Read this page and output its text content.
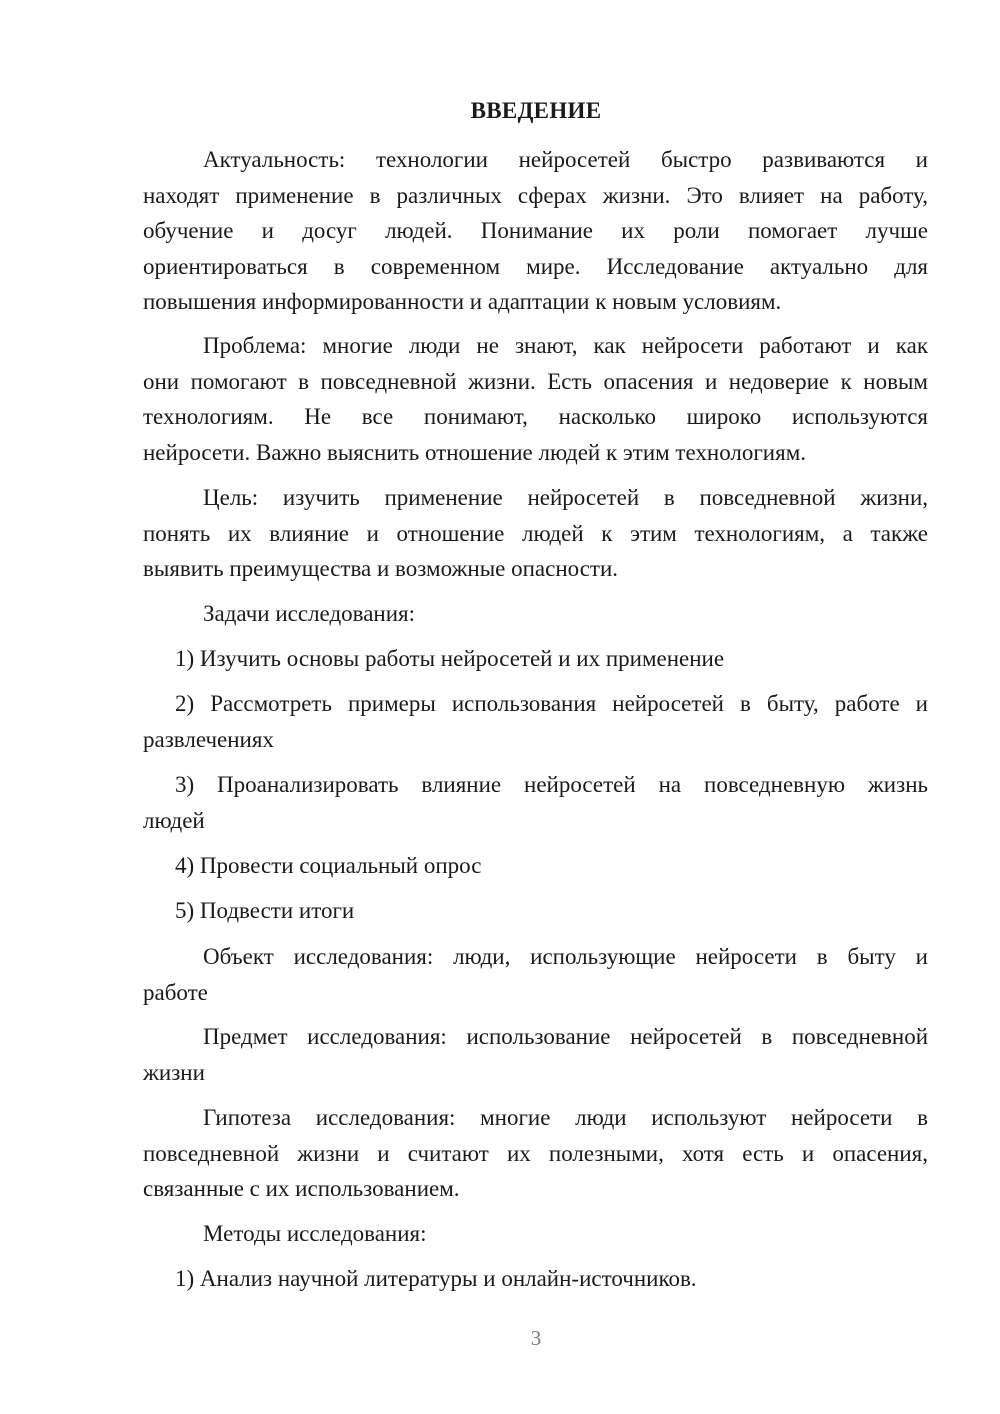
ВВЕДЕНИЕ

Актуальность: технологии нейросетей быстро развиваются и
находят применение в различных сферах жизни. Это влияет на работу,
обучение и досуг людей. Понимание их роли помогает лучше
ориентироваться в современном мире. Исследование актуально для
повышения информированности и адаптации к новым условиям.

Проблема: многие люди не знают, как нейросети работают и как
они помогают в повседневной жизни. Есть опасения и недоверие к новым
технологиям. Не все понимают, насколько широко используются
нейросети. Важно выяснить отношение людей к этим технологиям.

Цель: изучить применение нейросетей в повседневной жизни,
понять их влияние и отношение людей к этим технологиям, а также
выявить преимущества и возможные опасности.

Задачи исследования:

1) Изучить основы работы нейросетей и их применение

2) Рассмотреть примеры использования нейросетей в быту, работе и
развлечениях

3) Проанализировать влияние нейросетей на повседневную жизнь
людей

4) Провести социальный опрос

5) Подвести итоги

Объект исследования: люди, использующие нейросети в быту и
работе

Предмет исследования: использование нейросетей в повседневной
жизни

Гипотеза исследования: многие люди используют нейросети в
повседневной жизни и считают их полезными, хотя есть и опасения,
связанные с их использованием.

Методы исследования:

1) Анализ научной литературы и онлайн-источников.

3
